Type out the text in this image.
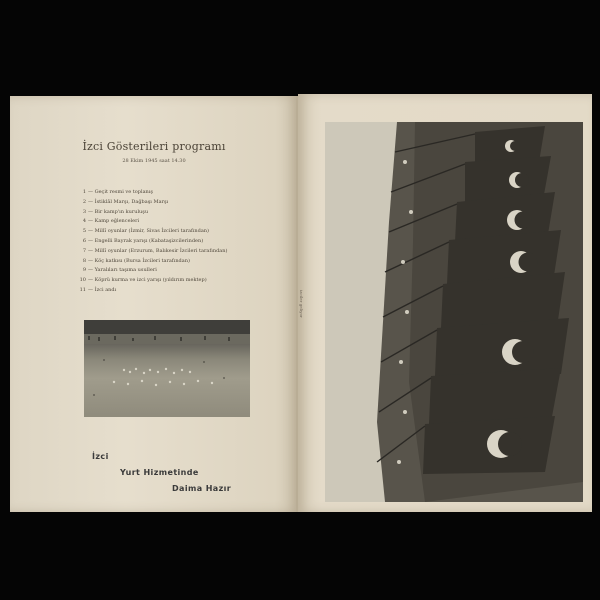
İzci Gösterileri programı
28 Ekim 1945 saat 14.30
1 — Geçit resmi ve toplanış
2 — İstiklâl Marşı, Dağbaşı Marşı
3 — Bir kamp'ın kuruluşu
4 — Kamp eğlenceleri
5 — Millî oyunlar (İzmir, Sivas İzcileri tarafından)
6 — Engelli Bayrak yarışı (Kabataşizcilerinden)
7 — Millî oyunlar (Erzurum, Balıkesir İzcileri tarafından)
8 — Köç katkısı (Bursa İzcileri tarafından)
9 — Yaralıları taşıma usulleri
10 — Köprü kurma ve izci yarışı (yıldırım mektep)
11 — İzci andı
İzci
Yurt Hizmetinde
Daima Hazır
izciler geliyor
